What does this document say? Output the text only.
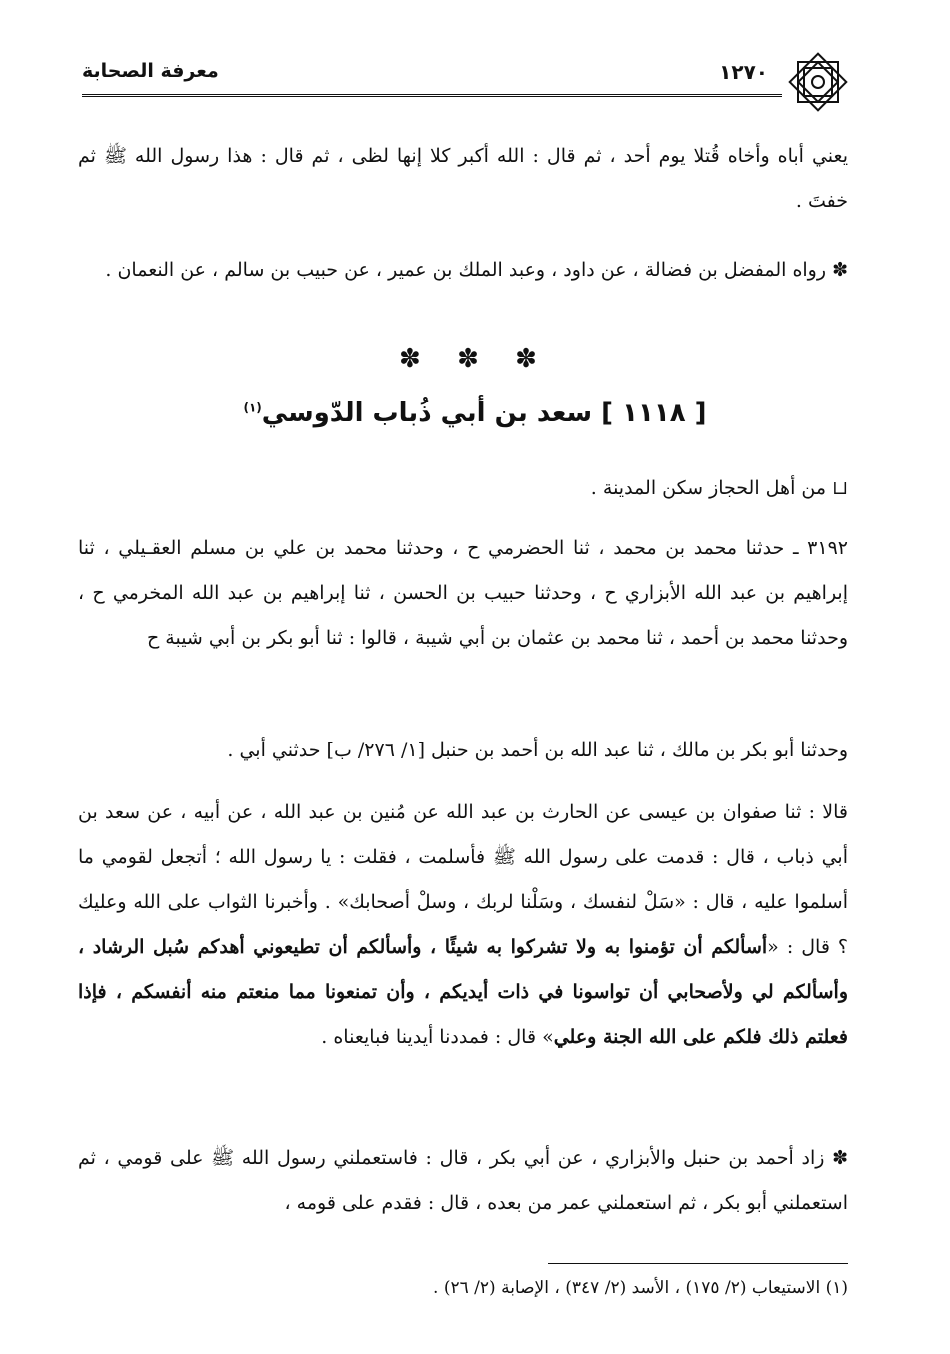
معرفة الصحابة	١٢٧٠
يعني أباه وأخاه قُتلا يوم أحد ، ثم قال : الله أكبر كلا إنها لظى ، ثم قال : هذا رسول الله ﷺ ثم خفتَ .
✽ رواه المفضل بن فضالة ، عن داود ، وعبد الملك بن عمير ، عن حبيب بن سالم ، عن النعمان .
✽ ✽ ✽
[ ١١١٨ ] سعد بن أبي ذُباب الدّوسي$^{(١)}$
⊔ من أهل الحجاز سكن المدينة .
٣١٩٢ ـ حدثنا محمد بن محمد ، ثنا الحضرمي ح ، وحدثنا محمد بن علي بن مسلم العقـيلي ، ثنا إبراهيم بن عبد الله الأبزاري ح ، وحدثنا حبيب بن الحسن ، ثنا إبراهيم بن عبد الله المخرمي ح ، وحدثنا محمد بن أحمد ، ثنا محمد بن عثمان بن أبي شيبة ، قالوا : ثنا أبو بكر بن أبي شيبة ح
وحدثنا أبو بكر بن مالك ، ثنا عبد الله بن أحمد بن حنبل [١/ ٢٧٦/ ب] حدثني أبي .
قالا : ثنا صفوان بن عيسى عن الحارث بن عبد الله عن مُنين بن عبد الله ، عن أبيه ، عن سعد بن أبي ذباب ، قال : قدمت على رسول الله ﷺ فأسلمت ، فقلت : يا رسول الله ؛ أتجعل لقومي ما أسلموا عليه ، قال : «سَلْ لنفسك ، وسَلْنا لربك ، وسلْ أصحابك» . وأخبرنا الثواب على الله وعليك ؟ قال : «أسألكم أن تؤمنوا به ولا تشركوا به شيئًا ، وأسألكم أن تطيعوني أهدكم سُبل الرشاد ، وأسألكم لي ولأصحابي أن تواسونا في ذات أيديكم ، وأن تمنعونا مما منعتم منه أنفسكم ، فإذا فعلتم ذلك فلكم على الله الجنة وعلي» قال : فمددنا أيدينا فبايعناه .
✽ زاد أحمد بن حنبل والأبزاري ، عن أبي بكر ، قال : فاستعملني رسول الله ﷺ على قومي ، ثم استعملني أبو بكر ، ثم استعملني عمر من بعده ، قال : فقدم على قومه ،
(١) الاستيعاب (٢/ ١٧٥) ، الأسد (٢/ ٣٤٧) ، الإصابة (٢/ ٢٦) .
